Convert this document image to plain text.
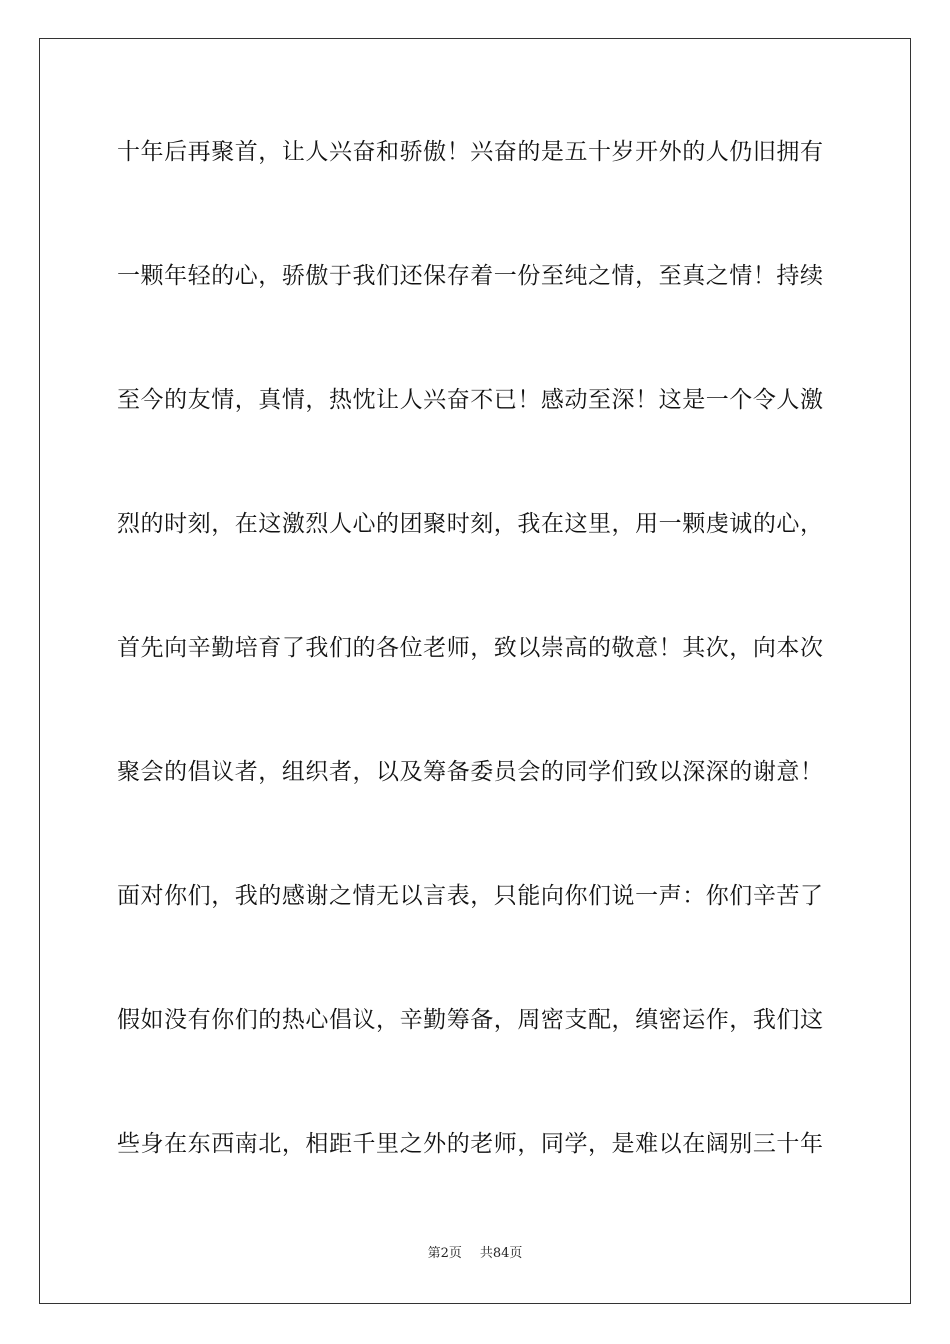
十年后再聚首，让人兴奋和骄傲！兴奋的是五十岁开外的人仍旧拥有
一颗年轻的心，骄傲于我们还保存着一份至纯之情，至真之情！持续
至今的友情，真情，热忱让人兴奋不已！感动至深！这是一个令人激
烈的时刻，在这激烈人心的团聚时刻，我在这里，用一颗虔诚的心，
首先向辛勤培育了我们的各位老师，致以崇高的敬意！其次，向本次
聚会的倡议者，组织者，以及筹备委员会的同学们致以深深的谢意！
面对你们，我的感谢之情无以言表，只能向你们说一声：你们辛苦了
假如没有你们的热心倡议，辛勤筹备，周密支配，缜密运作，我们这
些身在东西南北，相距千里之外的老师，同学，是难以在阔别三十年
第2页 共84页
